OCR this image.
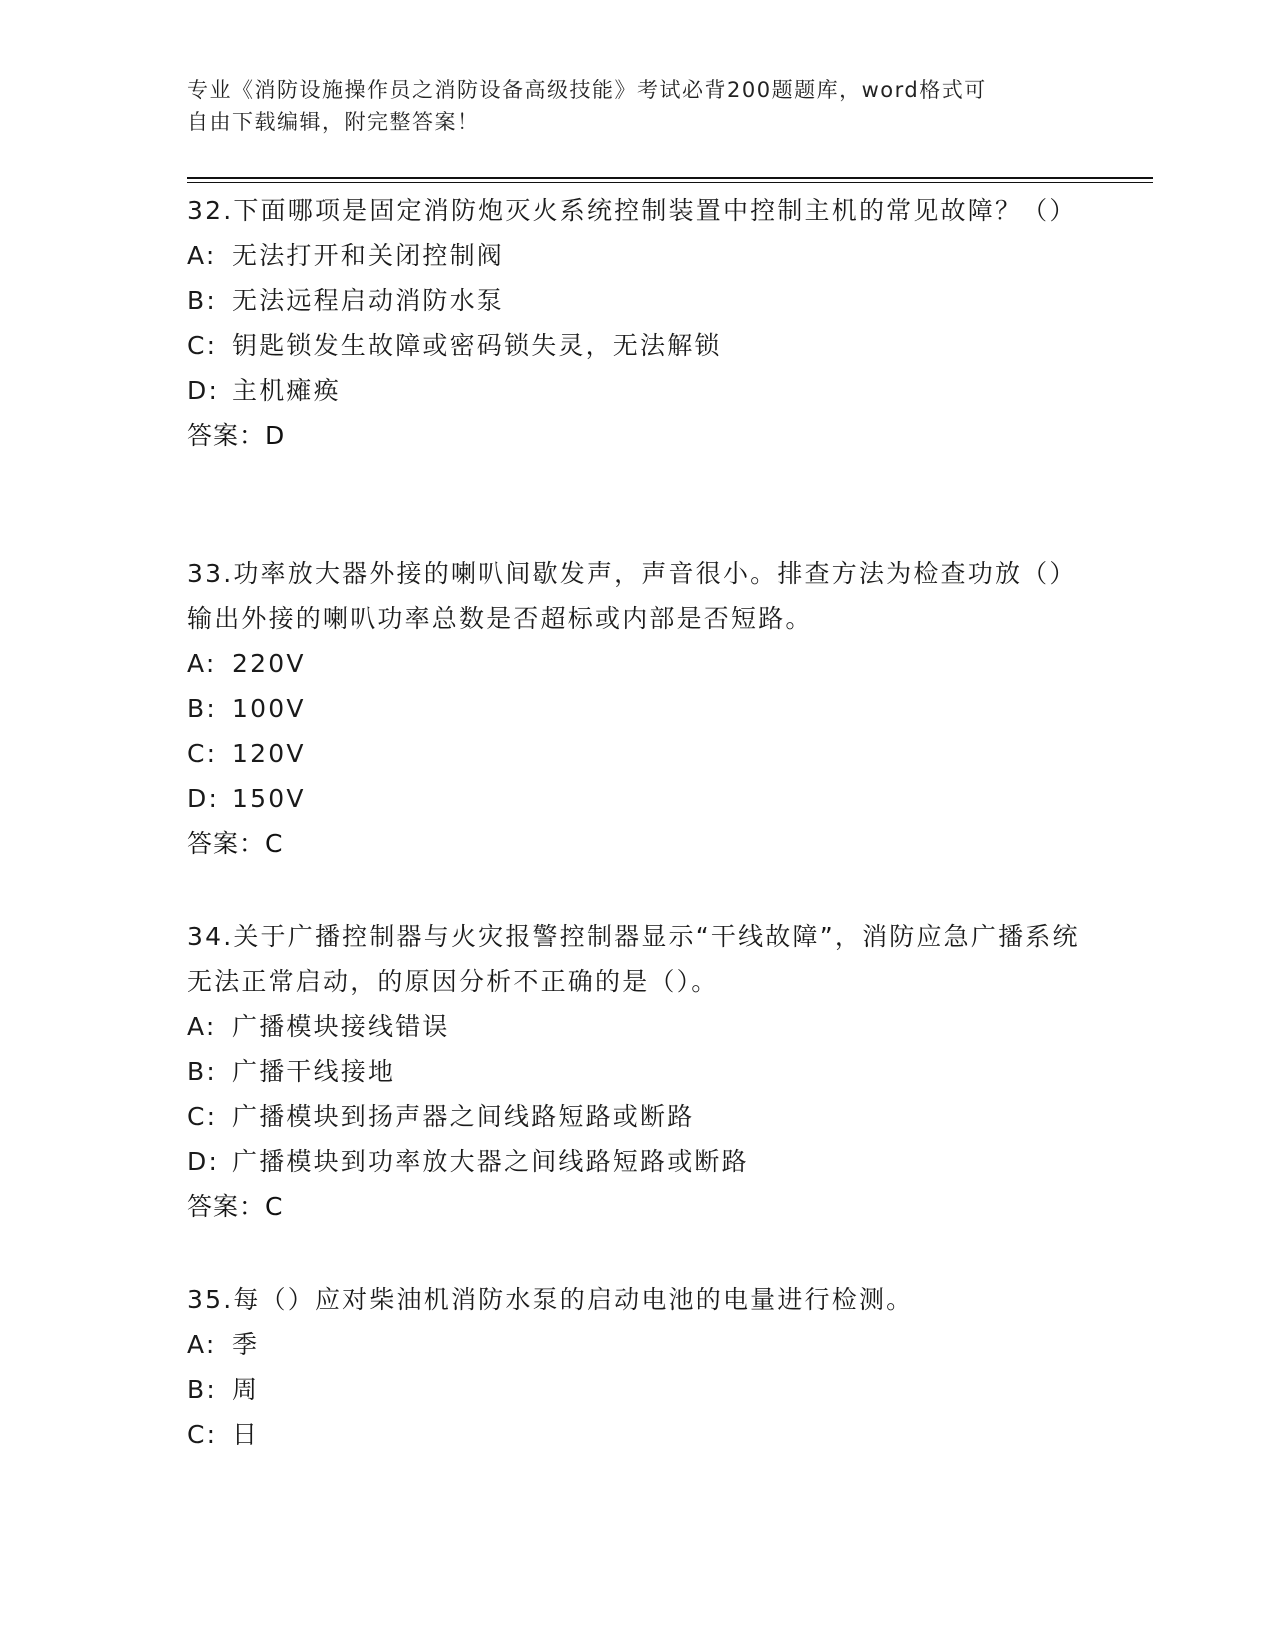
专业《消防设施操作员之消防设备高级技能》考试必背200题题库，word格式可
自由下载编辑，附完整答案！

32.下面哪项是固定消防炮灭火系统控制装置中控制主机的常见故障？（）

A: 无法打开和关闭控制阀

B: 无法远程启动消防水泵

C: 钥匙锁发生故障或密码锁失灵，无法解锁

D: 主机瘫痪

答案：D

33.功率放大器外接的喇叭间歇发声，声音很小。排查方法为检查功放（）输出外接的喇叭功率总数是否超标或内部是否短路。

A: 220V

B: 100V

C: 120V

D: 150V

答案：C

34.关于广播控制器与火灾报警控制器显示“干线故障”，消防应急广播系统无法正常启动，的原因分析不正确的是（）。

A: 广播模块接线错误

B: 广播干线接地

C: 广播模块到扬声器之间线路短路或断路

D: 广播模块到功率放大器之间线路短路或断路

答案：C

35.每（）应对柴油机消防水泵的启动电池的电量进行检测。

A: 季

B: 周

C: 日
